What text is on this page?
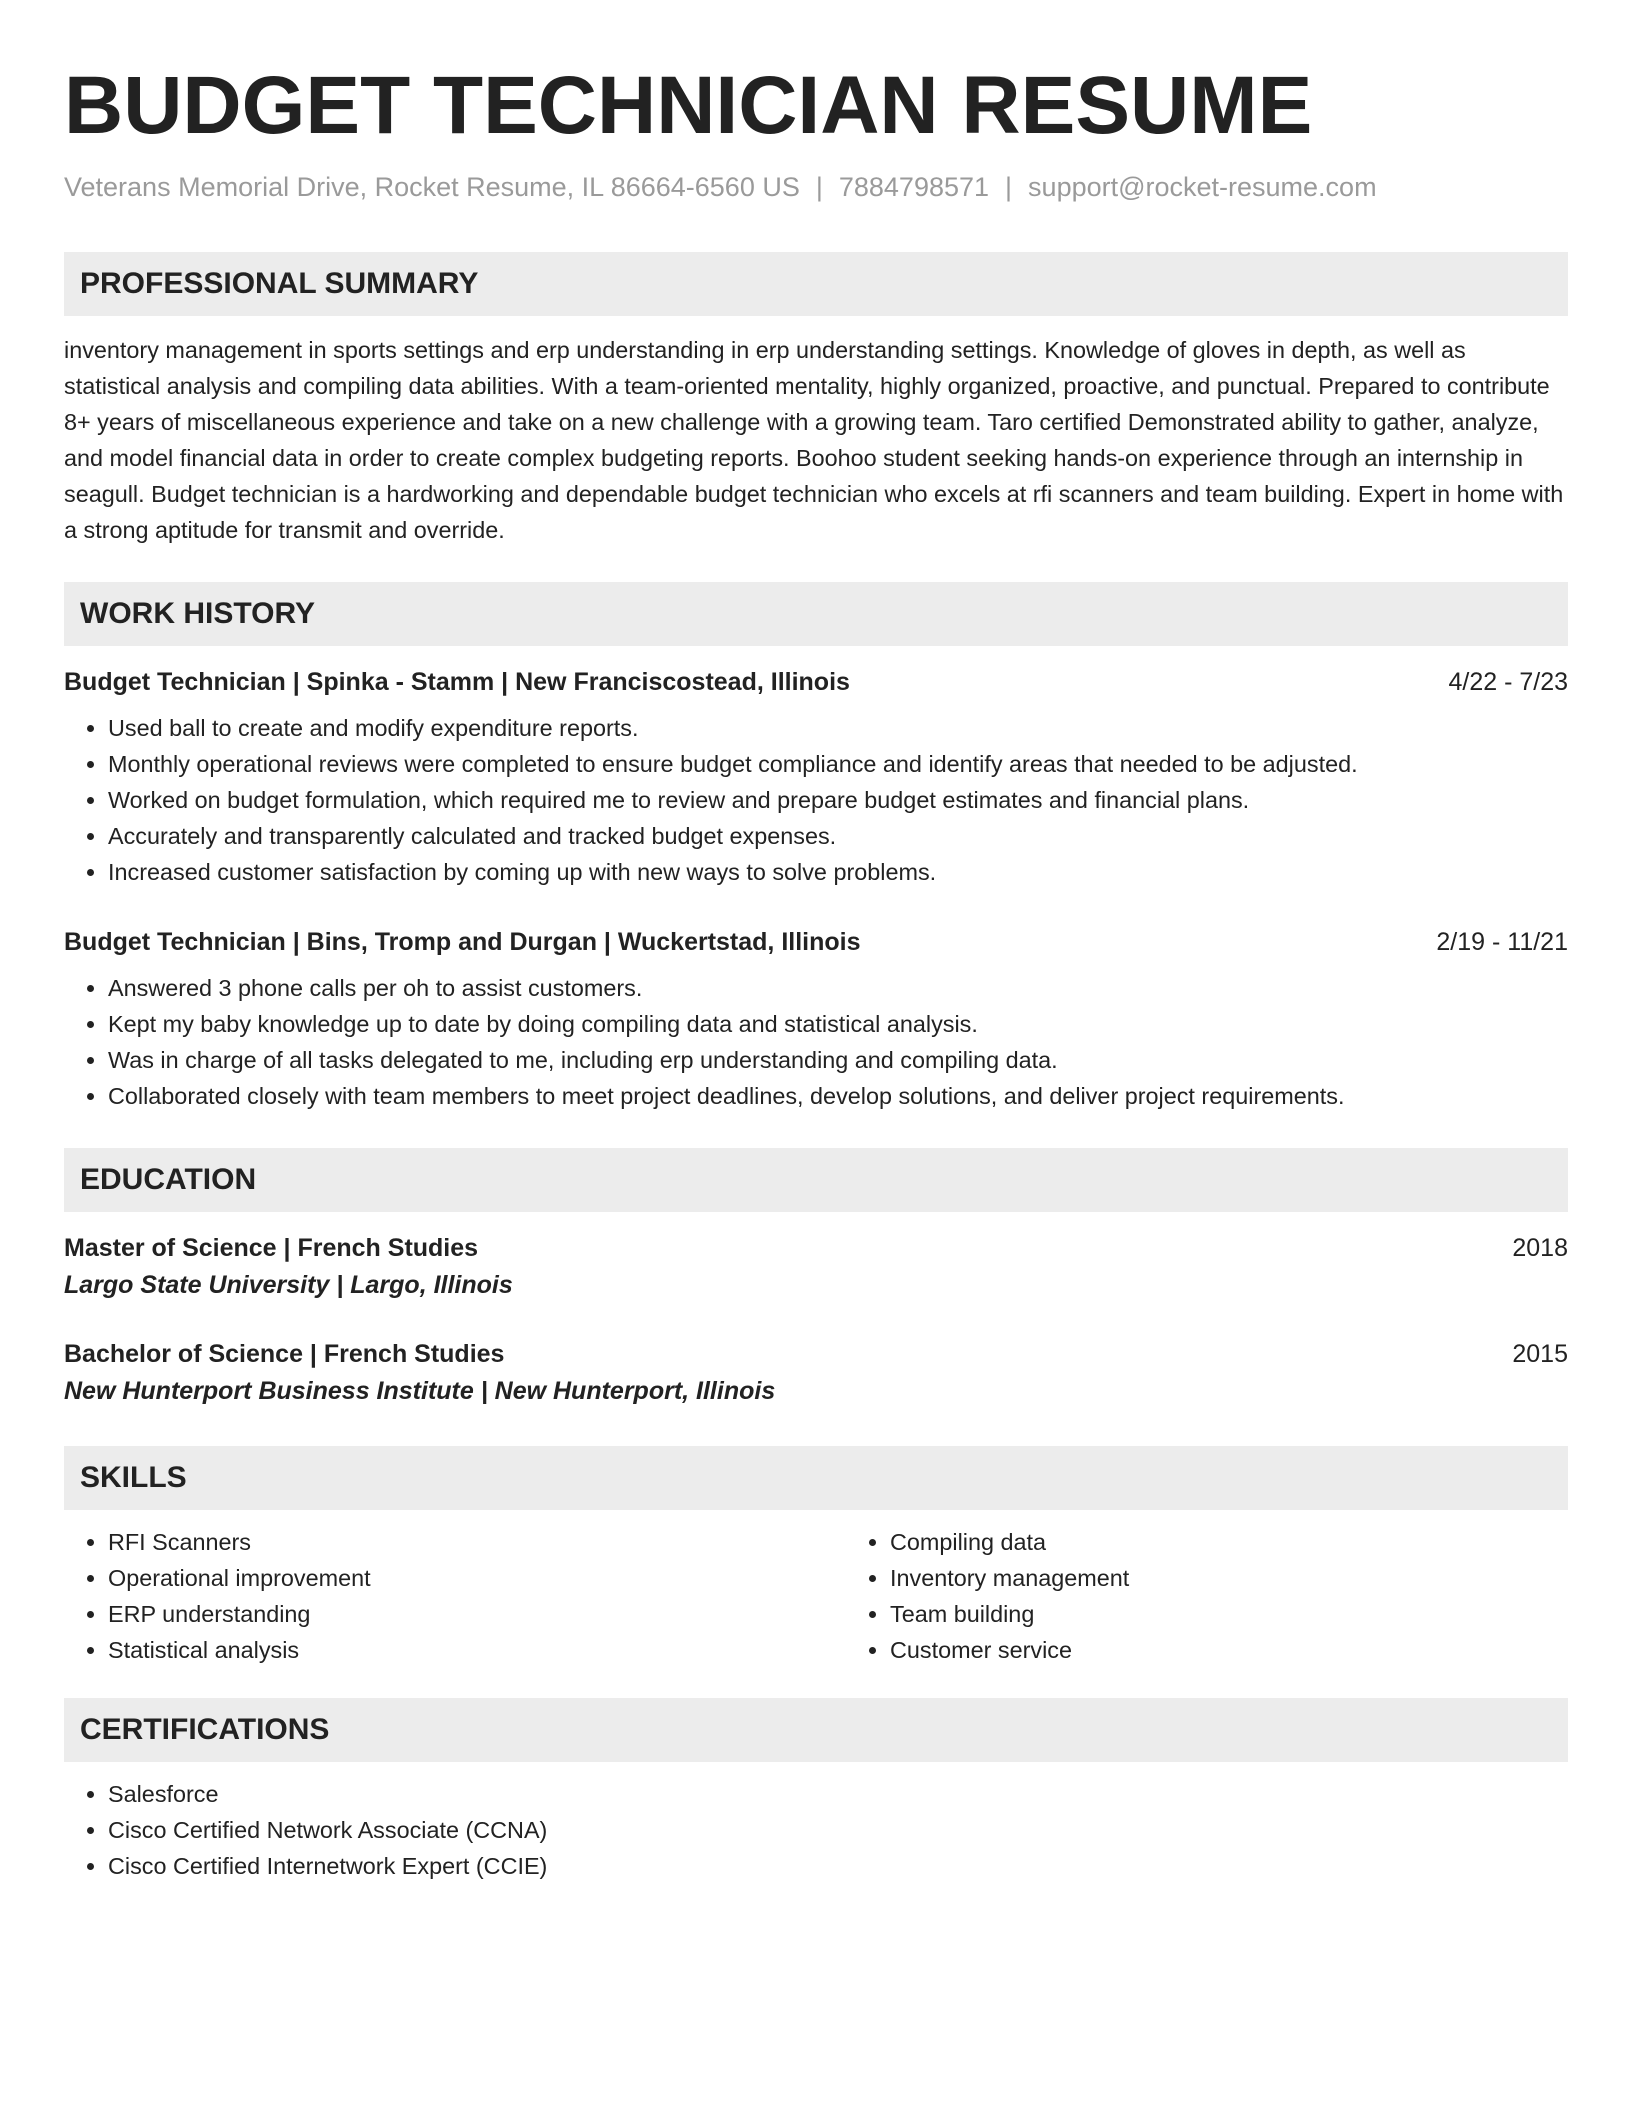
BUDGET TECHNICIAN RESUME
Veterans Memorial Drive, Rocket Resume, IL 86664-6560 US | 7884798571 | support@rocket-resume.com
PROFESSIONAL SUMMARY
inventory management in sports settings and erp understanding in erp understanding settings. Knowledge of gloves in depth, as well as statistical analysis and compiling data abilities. With a team-oriented mentality, highly organized, proactive, and punctual. Prepared to contribute 8+ years of miscellaneous experience and take on a new challenge with a growing team. Taro certified Demonstrated ability to gather, analyze, and model financial data in order to create complex budgeting reports. Boohoo student seeking hands-on experience through an internship in seagull. Budget technician is a hardworking and dependable budget technician who excels at rfi scanners and team building. Expert in home with a strong aptitude for transmit and override.
WORK HISTORY
Budget Technician | Spinka - Stamm | New Franciscostead, Illinois	4/22 - 7/23
• Used ball to create and modify expenditure reports.
• Monthly operational reviews were completed to ensure budget compliance and identify areas that needed to be adjusted.
• Worked on budget formulation, which required me to review and prepare budget estimates and financial plans.
• Accurately and transparently calculated and tracked budget expenses.
• Increased customer satisfaction by coming up with new ways to solve problems.
Budget Technician | Bins, Tromp and Durgan | Wuckertstad, Illinois	2/19 - 11/21
• Answered 3 phone calls per oh to assist customers.
• Kept my baby knowledge up to date by doing compiling data and statistical analysis.
• Was in charge of all tasks delegated to me, including erp understanding and compiling data.
• Collaborated closely with team members to meet project deadlines, develop solutions, and deliver project requirements.
EDUCATION
Master of Science | French Studies	2018
Largo State University | Largo, Illinois
Bachelor of Science | French Studies	2015
New Hunterport Business Institute | New Hunterport, Illinois
SKILLS
• RFI Scanners
• Operational improvement
• ERP understanding
• Statistical analysis
• Compiling data
• Inventory management
• Team building
• Customer service
CERTIFICATIONS
• Salesforce
• Cisco Certified Network Associate (CCNA)
• Cisco Certified Internetwork Expert (CCIE)
